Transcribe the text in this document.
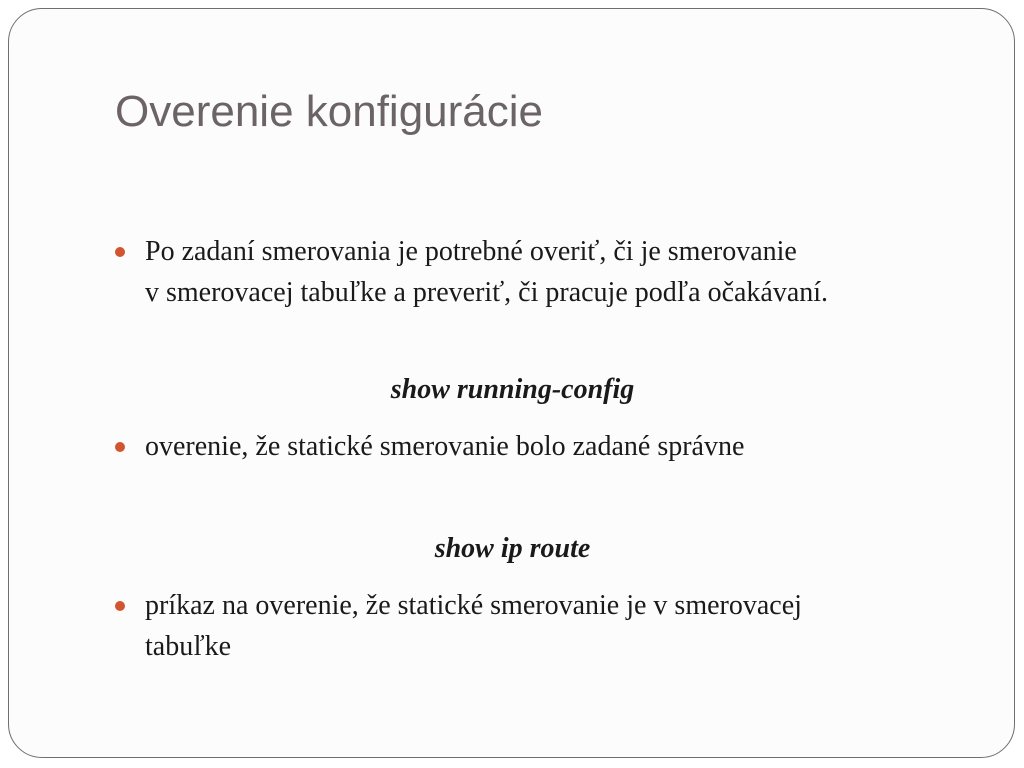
Overenie konfigurácie
Po zadaní smerovania je potrebné overiť, či je smerovanie
v smerovacej tabuľke a preveriť, či pracuje podľa očakávaní.
show running-config
overenie, že statické smerovanie bolo zadané správne
show ip route
príkaz na overenie, že statické smerovanie je v smerovacej
tabuľke
